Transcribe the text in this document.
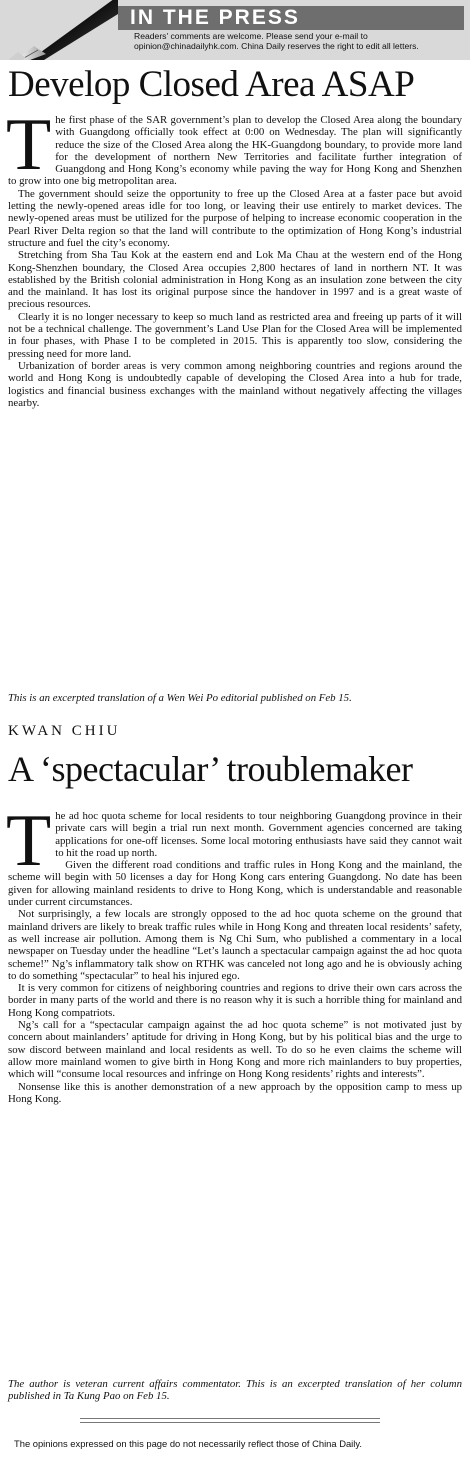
IN THE PRESS
Readers' comments are welcome. Please send your e-mail to opinion@chinadailyhk.com. China Daily reserves the right to edit all letters.
Develop Closed Area ASAP

The first phase of the SAR government’s plan to develop the Closed Area along the boundary with Guangdong officially took effect at 0:00 on Wednesday. The plan will significantly reduce the size of the Closed Area along the HK-Guangdong boundary, to provide more land for the development of northern New Territories and facilitate further integration of Guangdong and Hong Kong’s economy while paving the way for Hong Kong and Shenzhen to grow into one big metropolitan area.

The government should seize the opportunity to free up the Closed Area at a faster pace but avoid letting the newly-opened areas idle for too long, or leaving their use entirely to market devices. The newly-opened areas must be utilized for the purpose of helping to increase economic cooperation in the Pearl River Delta region so that the land will contribute to the optimization of Hong Kong’s industrial structure and fuel the city’s economy.

Stretching from Sha Tau Kok at the eastern end and Lok Ma Chau at the western end of the Hong Kong-Shenzhen boundary, the Closed Area occupies 2,800 hectares of land in northern NT. It was established by the British colonial administration in Hong Kong as an insulation zone between the city and the mainland. It has lost its original purpose since the handover in 1997 and is a great waste of precious resources.

Clearly it is no longer necessary to keep so much land as restricted area and freeing up parts of it will not be a technical challenge. The government’s Land Use Plan for the Closed Area will be implemented in four phases, with Phase I to be completed in 2015. This is apparently too slow, considering the pressing need for more land.

Urbanization of border areas is very common among neighboring countries and regions around the world and Hong Kong is undoubtedly capable of developing the Closed Area into a hub for trade, logistics and financial business exchanges with the mainland without negatively affecting the villages nearby.

This is an excerpted translation of a Wen Wei Po editorial published on Feb 15.
KWAN CHIU
A ‘spectacular’ troublemaker

The ad hoc quota scheme for local residents to tour neighboring Guangdong province in their private cars will begin a trial run next month. Government agencies concerned are taking applications for one-off licenses. Some local motoring enthusiasts have said they cannot wait to hit the road up north.

Given the different road conditions and traffic rules in Hong Kong and the mainland, the scheme will begin with 50 licenses a day for Hong Kong cars entering Guangdong. No date has been given for allowing mainland residents to drive to Hong Kong, which is understandable and reasonable under current circumstances.

Not surprisingly, a few locals are strongly opposed to the ad hoc quota scheme on the ground that mainland drivers are likely to break traffic rules while in Hong Kong and threaten local residents’ safety, as well increase air pollution. Among them is Ng Chi Sum, who published a commentary in a local newspaper on Tuesday under the headline “Let’s launch a spectacular campaign against the ad hoc quota scheme!” Ng’s inflammatory talk show on RTHK was canceled not long ago and he is obviously aching to do something “spectacular” to heal his injured ego.

It is very common for citizens of neighboring countries and regions to drive their own cars across the border in many parts of the world and there is no reason why it is such a horrible thing for mainland and Hong Kong compatriots.

Ng’s call for a “spectacular campaign against the ad hoc quota scheme” is not motivated just by concern about mainlanders’ aptitude for driving in Hong Kong, but by his political bias and the urge to sow discord between mainland and local residents as well. To do so he even claims the scheme will allow more mainland women to give birth in Hong Kong and more rich mainlanders to buy properties, which will “consume local resources and infringe on Hong Kong residents’ rights and interests”.

Nonsense like this is another demonstration of a new approach by the opposition camp to mess up Hong Kong.

The author is veteran current affairs commentator. This is an excerpted translation of her column published in Ta Kung Pao on Feb 15.
The opinions expressed on this page do not necessarily reflect those of China Daily.
